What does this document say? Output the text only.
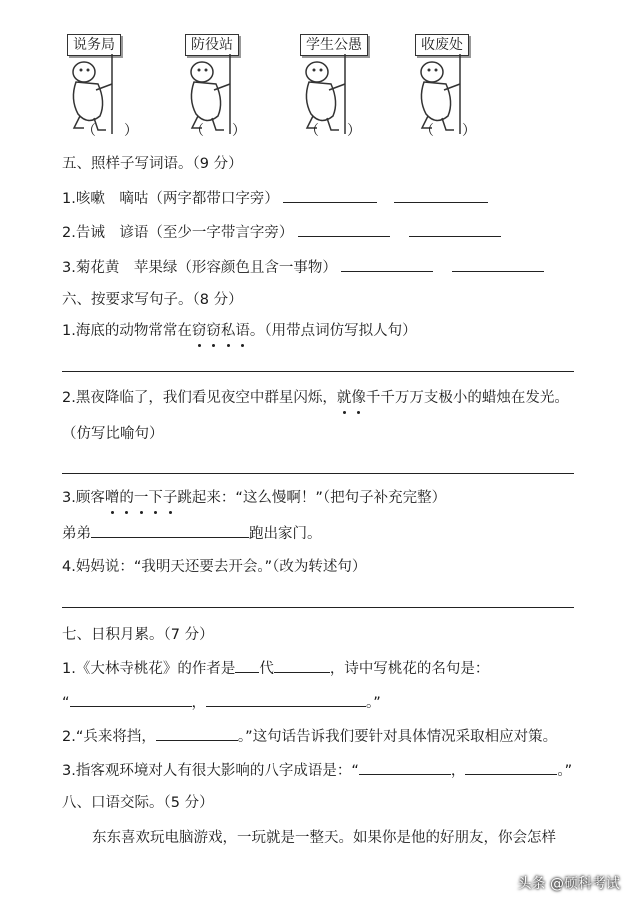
说务局	防役站	学生公愚	收废处
（　　）	（　　）	（　　）	（　　）
五、照样子写词语。（9 分）
1.咳嗽　嘀咕（两字都带口字旁）
2.告诫　谚语（至少一字带言字旁）
3.菊花黄　苹果绿（形容颜色且含一事物）
六、按要求写句子。（8 分）
1.海底的动物常常在窃窃私语。（用带点词仿写拟人句）
2.黑夜降临了，我们看见夜空中群星闪烁，就像千千万万支极小的蜡烛在发光。
（仿写比喻句）
3.顾客噌的一下子跳起来：“这么慢啊！”（把句子补充完整）
弟弟	跑出家门。
4.妈妈说：“我明天还要去开会。”（改为转述句）
七、日积月累。（7 分）
1.《大林寺桃花》的作者是 代	，诗中写桃花的名句是：
“	，	。”
2.“兵来将挡，	。”这句话告诉我们要针对具体情况采取相应对策。
3.指客观环境对人有很大影响的八字成语是：“	，	。”
八、口语交际。（5 分）
东东喜欢玩电脑游戏，一玩就是一整天。如果你是他的好朋友，你会怎样
头条 @硕科考试
